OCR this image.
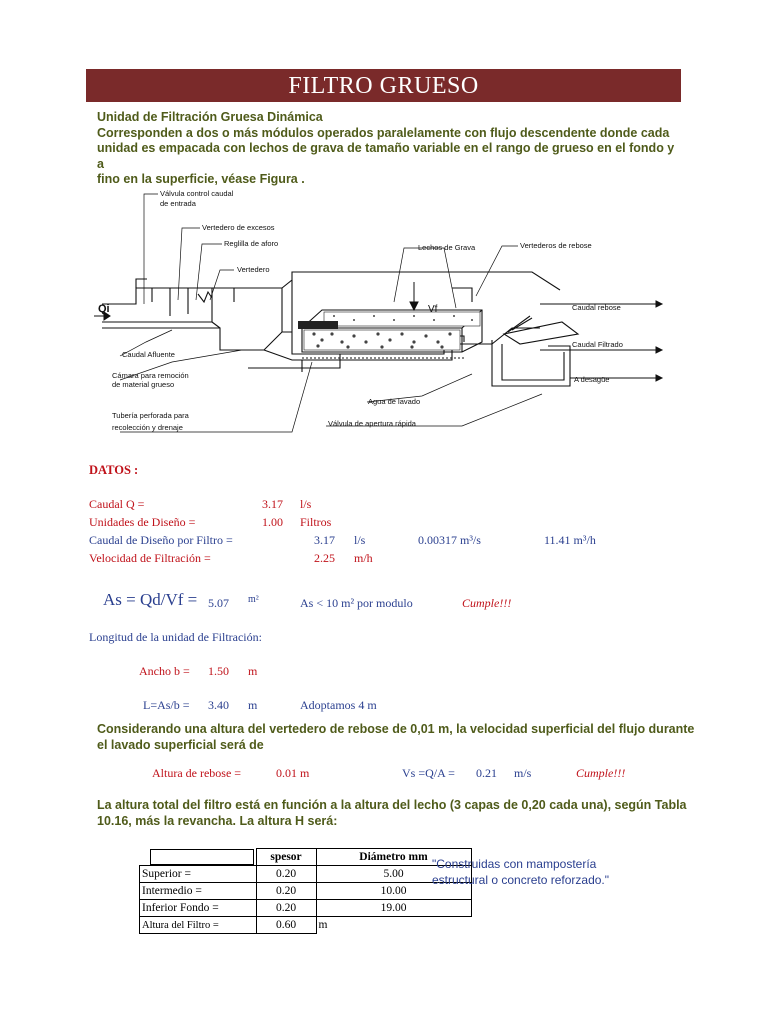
FILTRO GRUESO
Unidad de Filtración Gruesa Dinámica
Corresponden a dos o más módulos operados paralelamente con flujo descendente donde cada
unidad es empacada con lechos de grava de tamaño variable en el rango de grueso en el fondo y a
fino en la superficie, véase Figura .
Válvula control caudal
de entrada
Vertedero de excesos
Reglilla de aforo
Vertedero
Lechos de Grava	Vertederos de rebose
Qi	Vf	Caudal rebose
Caudal Filtrado
A desagüe
Caudal Afluente
Cámara para remoción
de material grueso
Agua de lavado
Tubería perforada para
recolección y drenaje	Válvula de apertura rápida
DATOS :
Caudal Q =	3.17 l/s
Unidades de Diseño =	1.00 Filtros
Caudal de Diseño por Filtro =	3.17 l/s	0.00317 m³/s	11.41 m³/h
Velocidad de Filtración =	2.25 m/h
As = Qd/Vf = 5.07 m²	As < 10 m² por modulo	Cumple!!!
Longitud de la unidad de Filtración:
Ancho b = 1.50 m
L=As/b = 3.40 m	Adoptamos 4 m
Considerando una altura del vertedero de rebose de 0,01 m, la velocidad superficial del flujo durante
el lavado superficial será de
Altura de rebose =	0.01 m	Vs =Q/A = 0.21 m/s	Cumple!!!
La altura total del filtro está en función a la altura del lecho (3 capas de 0,20 cada una), según Tabla
10.16, más la revancha. La altura H será:
	spesor	Diámetro mm
Superior =	0.20	5.00
Intermedio =	0.20	10.00
Inferior Fondo =	0.20	19.00
Altura del Filtro =	0.60	m
"Construidas con mampostería
estructural o concreto reforzado."
